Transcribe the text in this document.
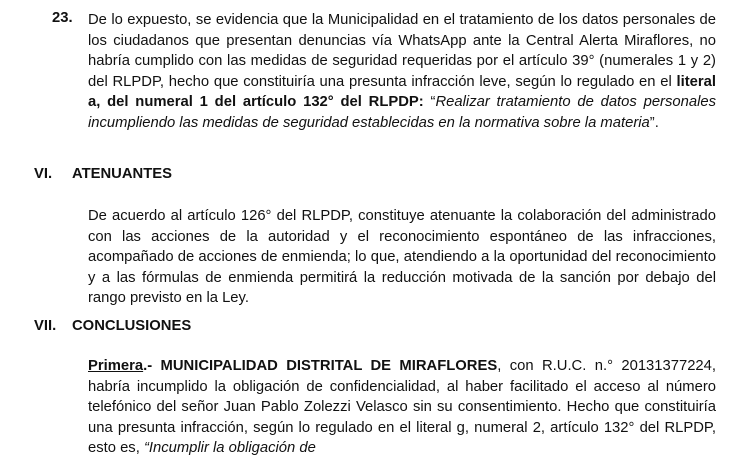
23. De lo expuesto, se evidencia que la Municipalidad en el tratamiento de los datos personales de los ciudadanos que presentan denuncias vía WhatsApp ante la Central Alerta Miraflores, no habría cumplido con las medidas de seguridad requeridas por el artículo 39° (numerales 1 y 2) del RLPDP, hecho que constituiría una presunta infracción leve, según lo regulado en el literal a, del numeral 1 del artículo 132° del RLPDP: “Realizar tratamiento de datos personales incumpliendo las medidas de seguridad establecidas en la normativa sobre la materia”.
VI. ATENUANTES
De acuerdo al artículo 126° del RLPDP, constituye atenuante la colaboración del administrado con las acciones de la autoridad y el reconocimiento espontáneo de las infracciones, acompañado de acciones de enmienda; lo que, atendiendo a la oportunidad del reconocimiento y a las fórmulas de enmienda permitirá la reducción motivada de la sanción por debajo del rango previsto en la Ley.
VII. CONCLUSIONES
Primera.- MUNICIPALIDAD DISTRITAL DE MIRAFLORES, con R.U.C. n.° 20131377224, habría incumplido la obligación de confidencialidad, al haber facilitado el acceso al número telefónico del señor Juan Pablo Zolezzi Velasco sin su consentimiento. Hecho que constituiría una presunta infracción, según lo regulado en el literal g, numeral 2, artículo 132° del RLPDP, esto es, “Incumplir la obligación de
